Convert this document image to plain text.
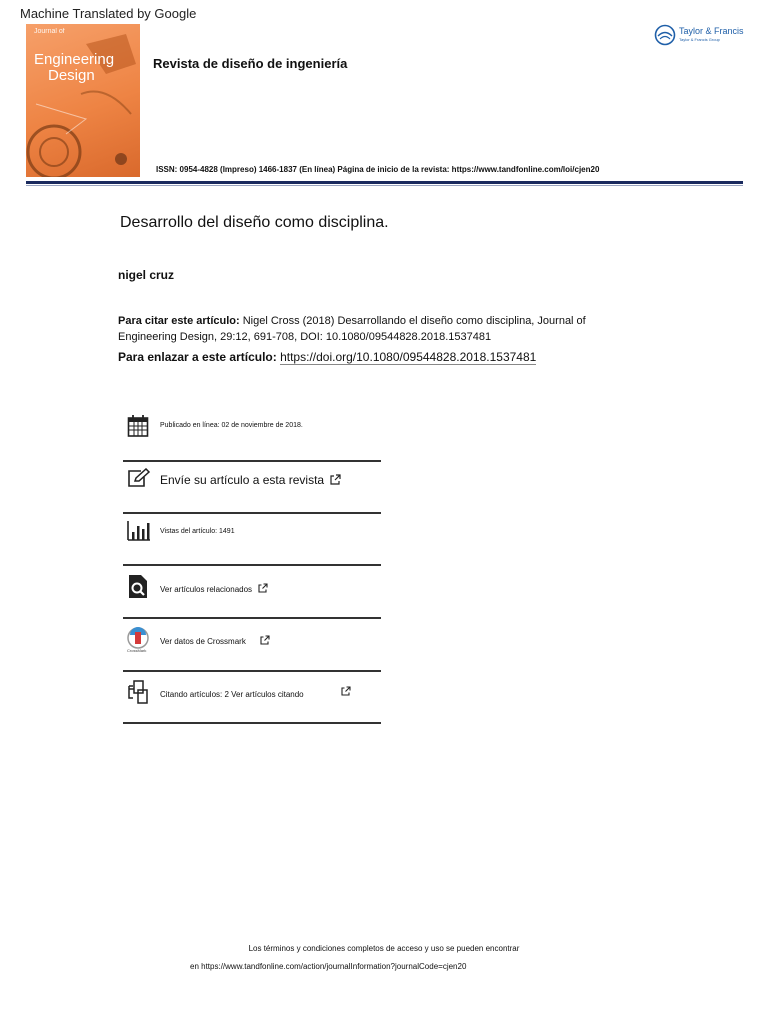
Machine Translated by Google
Journal of
Engineering
Design
Revista de diseño de ingeniería
ISSN: 0954-4828 (Impreso) 1466-1837 (En línea) Página de inicio de la revista: https://www.tandfonline.com/loi/cjen20
Taylor & Francis
Taylor & Francis Group
Desarrollo del diseño como disciplina.
nigel cruz
Para citar este artículo: Nigel Cross (2018) Desarrollando el diseño como disciplina, Journal of Engineering Design, 29:12, 691-708, DOI: 10.1080/09544828.2018.1537481
Para enlazar a este artículo: https://doi.org/10.1080/09544828.2018.1537481
Publicado en línea: 02 de noviembre de 2018.
Envíe su artículo a esta revista
Vistas del artículo: 1491
Ver artículos relacionados
CrossMark
Ver datos de Crossmark
Citando artículos: 2 Ver artículos citando
Los términos y condiciones completos de acceso y uso se pueden encontrar
en https://www.tandfonline.com/action/journalInformation?journalCode=cjen20
